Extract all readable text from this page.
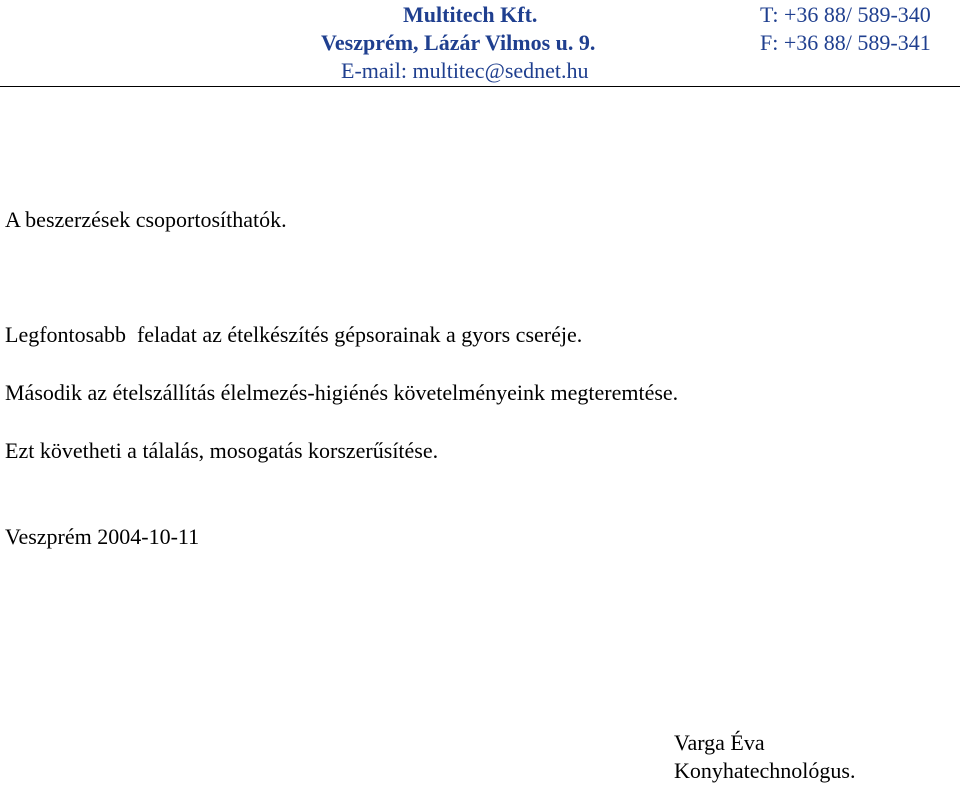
Multitech Kft.
Veszprém, Lázár Vilmos u. 9.
E-mail: multitec@sednet.hu
T: +36 88/ 589-340
F: +36 88/ 589-341
A beszerzések csoportosíthatók.
Legfontosabb  feladat az ételkészítés gépsorainak a gyors cseréje.
Második az ételszállítás élelmezés-higiénés követelményeink megteremtése.
Ezt követheti a tálalás, mosogatás korszerűsítése.
Veszprém 2004-10-11
Varga Éva
Konyhatechnológus.
